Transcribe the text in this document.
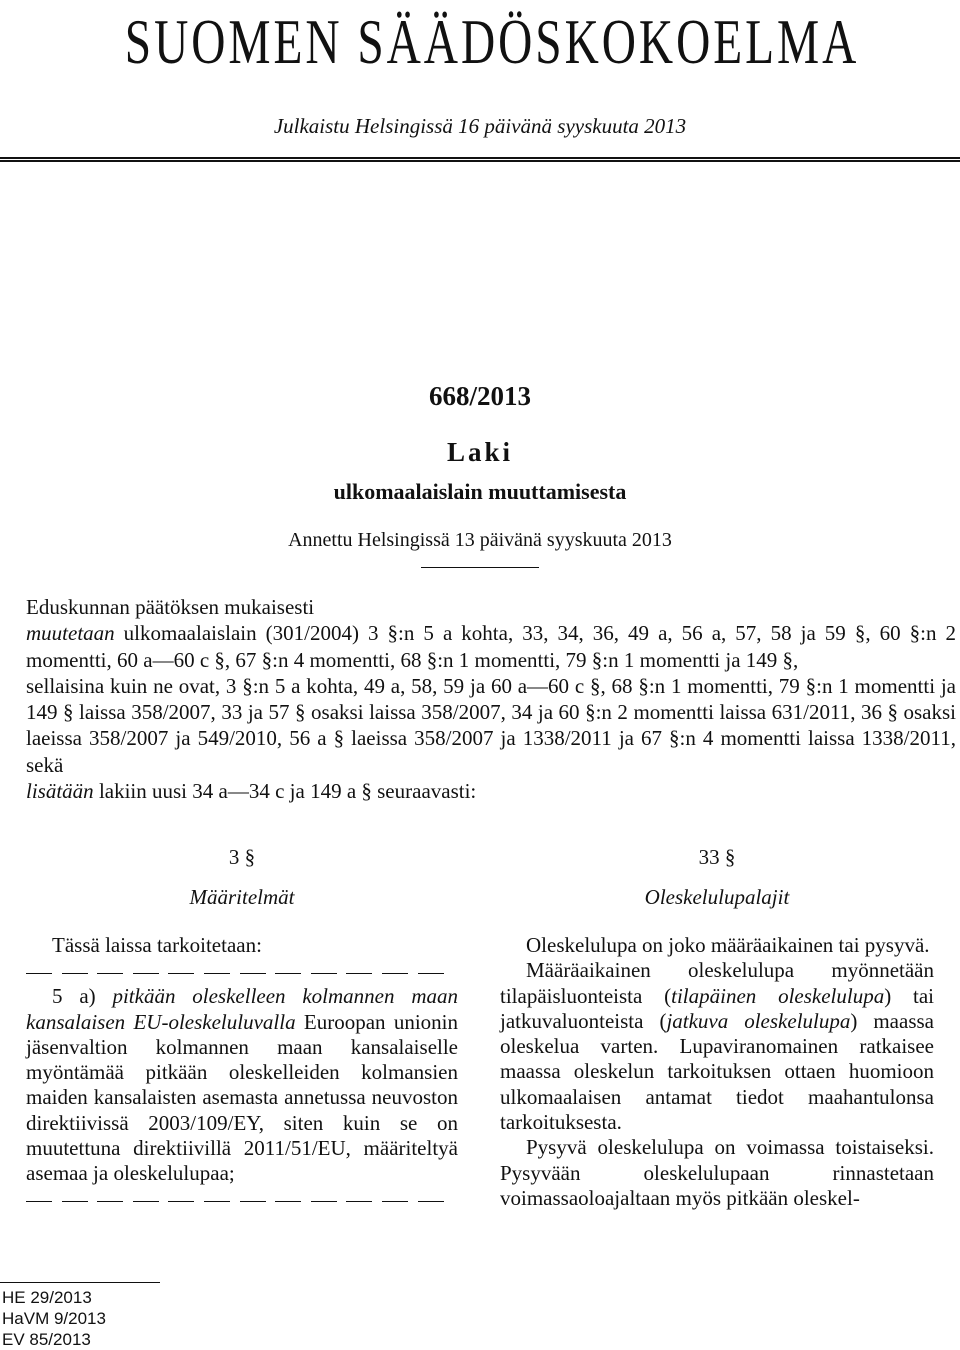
SUOMEN SÄÄDÖSKOKOELMA
Julkaistu Helsingissä 16 päivänä syyskuuta 2013
668/2013
Laki
ulkomaalaislain muuttamisesta
Annettu Helsingissä 13 päivänä syyskuuta 2013

Eduskunnan päätöksen mukaisesti

muutetaan ulkomaalaislain (301/2004) 3 §:n 5 a kohta, 33, 34, 36, 49 a, 56 a, 57, 58 ja 59 §, 60 §:n 2 momentti, 60 a—60 c §, 67 §:n 4 momentti, 68 §:n 1 momentti, 79 §:n 1 momentti ja 149 §,

sellaisina kuin ne ovat, 3 §:n 5 a kohta, 49 a, 58, 59 ja 60 a—60 c §, 68 §:n 1 momentti, 79 §:n 1 momentti ja 149 § laissa 358/2007, 33 ja 57 § osaksi laissa 358/2007, 34 ja 60 §:n 2 momentti laissa 631/2011, 36 § osaksi laeissa 358/2007 ja 549/2010, 56 a § laeissa 358/2007 ja 1338/2011 ja 67 §:n 4 momentti laissa 1338/2011, sekä

lisätään lakiin uusi 34 a—34 c ja 149 a § seuraavasti:

3 §
Määritelmät

Tässä laissa tarkoitetaan:

5 a) pitkään oleskelleen kolmannen maan kansalaisen EU-oleskeluluvalla Euroopan unionin jäsenvaltion kolmannen maan kansalaiselle myöntämää pitkään oleskelleiden kolmansien maiden kansalaisten asemasta annetussa neuvoston direktiivissä 2003/109/EY, siten kuin se on muutettuna direktiivillä 2011/51/EU, määriteltyä asemaa ja oleskelulupaa;

33 §
Oleskelulupalajit

Oleskelulupa on joko määräaikainen tai pysyvä.

Määräaikainen oleskelulupa myönnetään tilapäisluonteista (tilapäinen oleskelulupa) tai jatkuvaluonteista (jatkuva oleskelulupa) maassa oleskelua varten. Lupaviranomainen ratkaisee maassa oleskelun tarkoituksen ottaen huomioon ulkomaalaisen antamat tiedot maahantulonsa tarkoituksesta.

Pysyvä oleskelulupa on voimassa toistaiseksi. Pysyvään oleskelulupaan rinnastetaan voimassaoloajaltaan myös pitkään oleskel-

HE 29/2013
HaVM 9/2013
EV 85/2013
